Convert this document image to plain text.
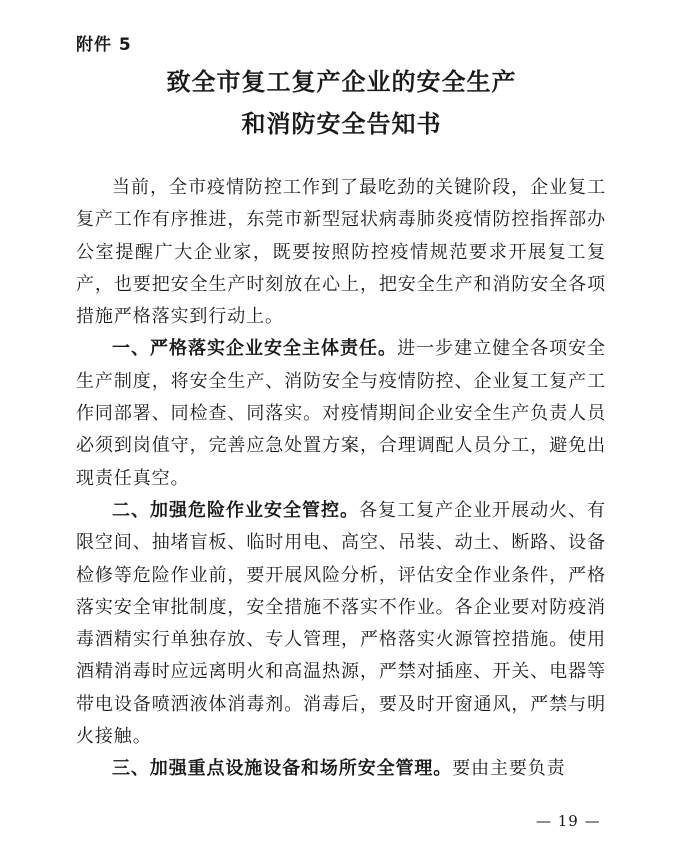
附件 5
致全市复工复产企业的安全生产
和消防安全告知书

当前，全市疫情防控工作到了最吃劲的关键阶段，企业复工复产工作有序推进，东莞市新型冠状病毒肺炎疫情防控指挥部办公室提醒广大企业家，既要按照防控疫情规范要求开展复工复产，也要把安全生产时刻放在心上，把安全生产和消防安全各项措施严格落实到行动上。

一、严格落实企业安全主体责任。进一步建立健全各项安全生产制度，将安全生产、消防安全与疫情防控、企业复工复产工作同部署、同检查、同落实。对疫情期间企业安全生产负责人员必须到岗值守，完善应急处置方案，合理调配人员分工，避免出现责任真空。

二、加强危险作业安全管控。各复工复产企业开展动火、有限空间、抽堵盲板、临时用电、高空、吊装、动土、断路、设备检修等危险作业前，要开展风险分析，评估安全作业条件，严格落实安全审批制度，安全措施不落实不作业。各企业要对防疫消毒酒精实行单独存放、专人管理，严格落实火源管控措施。使用酒精消毒时应远离明火和高温热源，严禁对插座、开关、电器等带电设备喷洒液体消毒剂。消毒后，要及时开窗通风，严禁与明火接触。

三、加强重点设施设备和场所安全管理。要由主要负责

— 19 —
